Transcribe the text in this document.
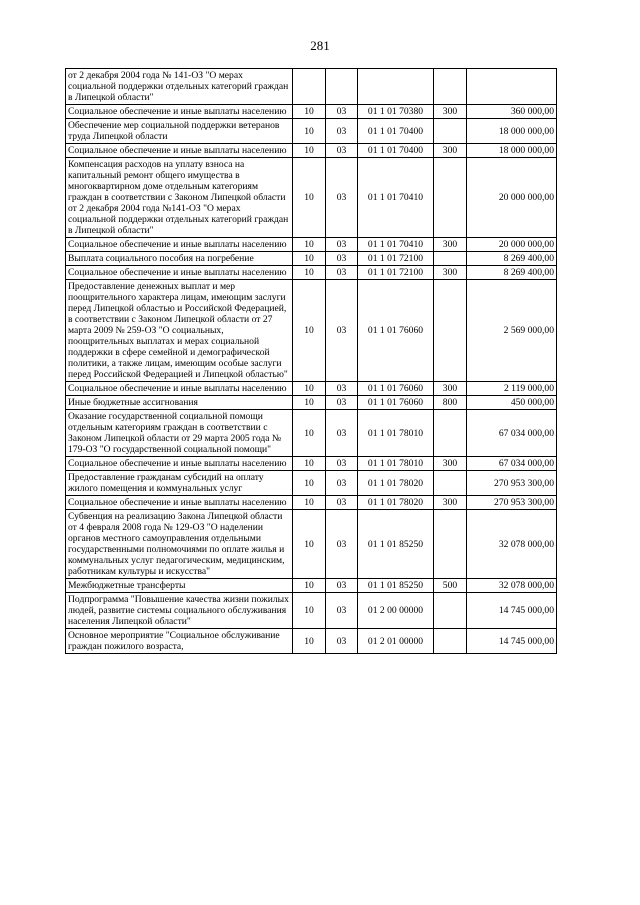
281
от 2 декабря 2004 года № 141-ОЗ "О мерах социальной поддержки отдельных категорий граждан в Липецкой области"					
Социальное обеспечение и иные выплаты населению	10	03	01 1 01 70380	300	360 000,00
Обеспечение мер социальной поддержки ветеранов труда Липецкой области	10	03	01 1 01 70400		18 000 000,00
Социальное обеспечение и иные выплаты населению	10	03	01 1 01 70400	300	18 000 000,00
Компенсация расходов на уплату взноса на капитальный ремонт общего имущества в многоквартирном доме отдельным категориям граждан в соответствии с Законом Липецкой области от 2 декабря 2004 года №141-ОЗ "О мерах социальной поддержки отдельных категорий граждан в Липецкой области"	10	03	01 1 01 70410		20 000 000,00
Социальное обеспечение и иные выплаты населению	10	03	01 1 01 70410	300	20 000 000,00
Выплата социального пособия на погребение	10	03	01 1 01 72100		8 269 400,00
Социальное обеспечение и иные выплаты населению	10	03	01 1 01 72100	300	8 269 400,00
Предоставление денежных выплат и мер поощрительного характера лицам, имеющим заслуги перед Липецкой областью и Российской Федерацией, в соответствии с Законом Липецкой области от 27 марта 2009 № 259-ОЗ "О социальных, поощрительных выплатах и мерах социальной поддержки в сфере семейной и демографической политики, а также лицам, имеющим особые заслуги перед Российской Федерацией и Липецкой областью"	10	03	01 1 01 76060		2 569 000,00
Социальное обеспечение и иные выплаты населению	10	03	01 1 01 76060	300	2 119 000,00
Иные бюджетные ассигнования	10	03	01 1 01 76060	800	450 000,00
Оказание государственной социальной помощи отдельным категориям граждан в соответствии с Законом Липецкой области от 29 марта 2005 года № 179-ОЗ "О государственной социальной помощи"	10	03	01 1 01 78010		67 034 000,00
Социальное обеспечение и иные выплаты населению	10	03	01 1 01 78010	300	67 034 000,00
Предоставление гражданам субсидий на оплату жилого помещения и коммунальных услуг	10	03	01 1 01 78020		270 953 300,00
Социальное обеспечение и иные выплаты населению	10	03	01 1 01 78020	300	270 953 300,00
Субвенция на реализацию Закона Липецкой области от 4 февраля 2008 года № 129-ОЗ "О наделении органов местного самоуправления отдельными государственными полномочиями по оплате жилья и коммунальных услуг педагогическим, медицинским, работникам культуры и искусства"	10	03	01 1 01 85250		32 078 000,00
Межбюджетные трансферты	10	03	01 1 01 85250	500	32 078 000,00
Подпрограмма "Повышение качества жизни пожилых людей, развитие системы социального обслуживания населения Липецкой области"	10	03	01 2 00 00000		14 745 000,00
Основное мероприятие "Социальное обслуживание граждан пожилого возраста,	10	03	01 2 01 00000		14 745 000,00
